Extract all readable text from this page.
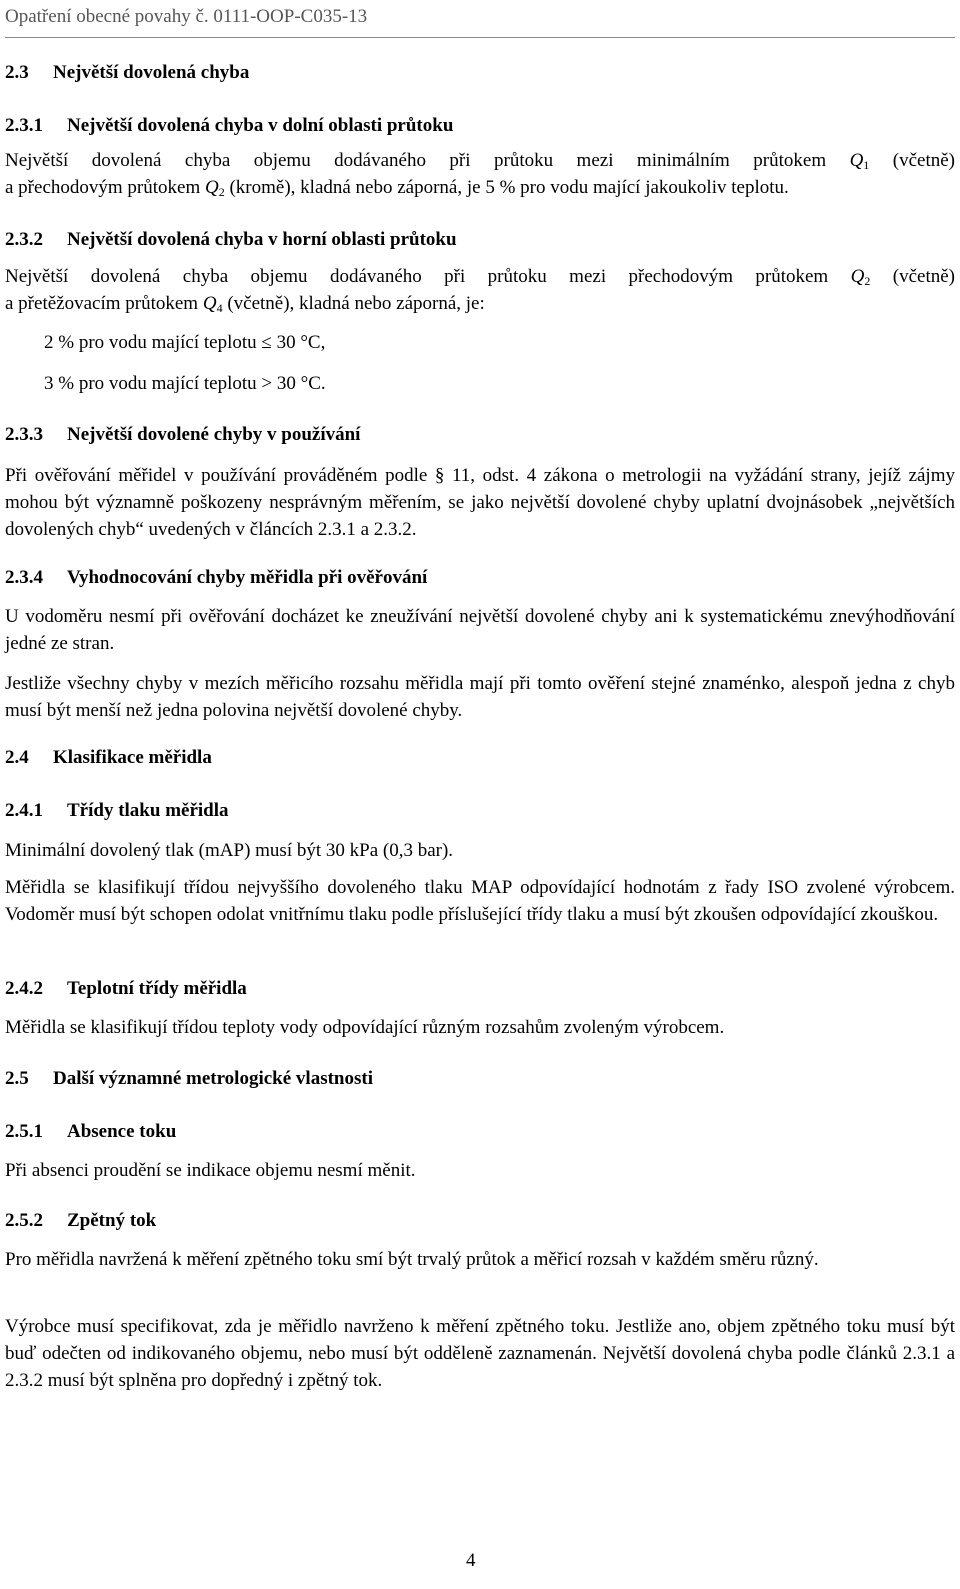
Opatření obecné povahy č. 0111-OOP-C035-13
2.3 Největší dovolená chyba
2.3.1 Největší dovolená chyba v dolní oblasti průtoku
Největší dovolená chyba objemu dodávaného při průtoku mezi minimálním průtokem $Q_1$ (včetně)
a přechodovým průtokem $Q_2$ (kromě), kladná nebo záporná, je 5 % pro vodu mající jakoukoliv teplotu.
2.3.2 Největší dovolená chyba v horní oblasti průtoku
Největší dovolená chyba objemu dodávaného při průtoku mezi přechodovým průtokem $Q_2$ (včetně)
a přetěžovacím průtokem $Q_4$ (včetně), kladná nebo záporná, je:
2 % pro vodu mající teplotu ≤ 30 °C,
3 % pro vodu mající teplotu > 30 °C.
2.3.3 Největší dovolené chyby v používání
Při ověřování měřidel v používání prováděném podle § 11, odst. 4 zákona o metrologii na vyžádání strany, jejíž zájmy mohou být významně poškozeny nesprávným měřením, se jako největší dovolené chyby uplatní dvojnásobek „největších dovolených chyb“ uvedených v článcích 2.3.1 a 2.3.2.
2.3.4 Vyhodnocování chyby měřidla při ověřování
U vodoměru nesmí při ověřování docházet ke zneužívání největší dovolené chyby ani k systematickému znevýhodňování jedné ze stran.
Jestliže všechny chyby v mezích měřicího rozsahu měřidla mají při tomto ověření stejné znaménko, alespoň jedna z chyb musí být menší než jedna polovina největší dovolené chyby.
2.4 Klasifikace měřidla
2.4.1 Třídy tlaku měřidla
Minimální dovolený tlak (mAP) musí být 30 kPa (0,3 bar).
Měřidla se klasifikují třídou nejvyššího dovoleného tlaku MAP odpovídající hodnotám z řady ISO zvolené výrobcem. Vodoměr musí být schopen odolat vnitřnímu tlaku podle příslušející třídy tlaku a musí být zkoušen odpovídající zkouškou.
2.4.2 Teplotní třídy měřidla
Měřidla se klasifikují třídou teploty vody odpovídající různým rozsahům zvoleným výrobcem.
2.5 Další významné metrologické vlastnosti
2.5.1 Absence toku
Při absenci proudění se indikace objemu nesmí měnit.
2.5.2 Zpětný tok
Pro měřidla navržená k měření zpětného toku smí být trvalý průtok a měřicí rozsah v každém směru různý.
Výrobce musí specifikovat, zda je měřidlo navrženo k měření zpětného toku. Jestliže ano, objem zpětného toku musí být buď odečten od indikovaného objemu, nebo musí být odděleně zaznamenán. Největší dovolená chyba podle článků 2.3.1 a 2.3.2 musí být splněna pro dopředný i zpětný tok.
4
